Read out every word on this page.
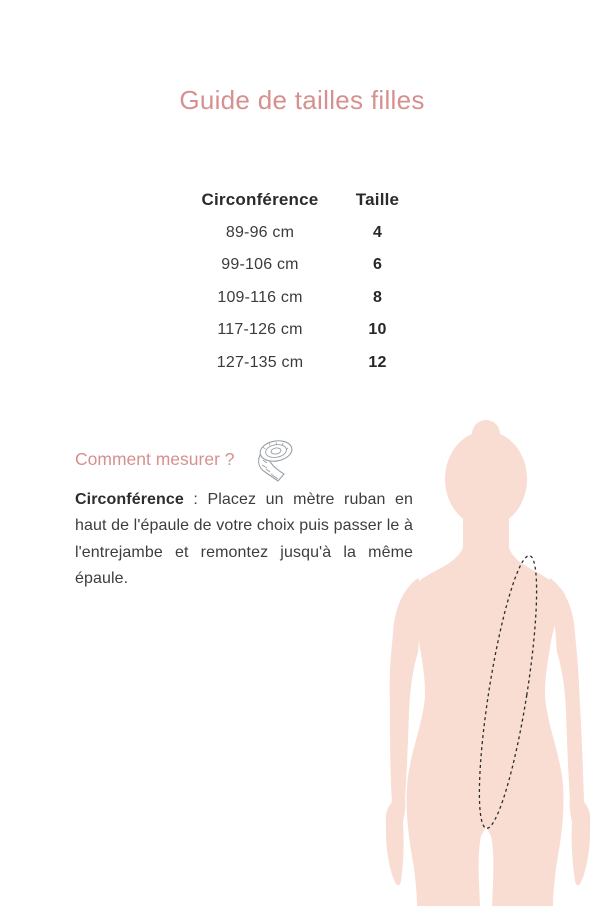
Guide de tailles filles
Circonférence	Taille
89-96 cm	4
99-106 cm	6
109-116 cm	8
117-126 cm	10
127-135 cm	12
Comment mesurer ?

Circonférence : Placez un mètre ruban en haut de l'épaule de votre choix puis passer le à l'entrejambe et remontez jusqu'à la même épaule.
